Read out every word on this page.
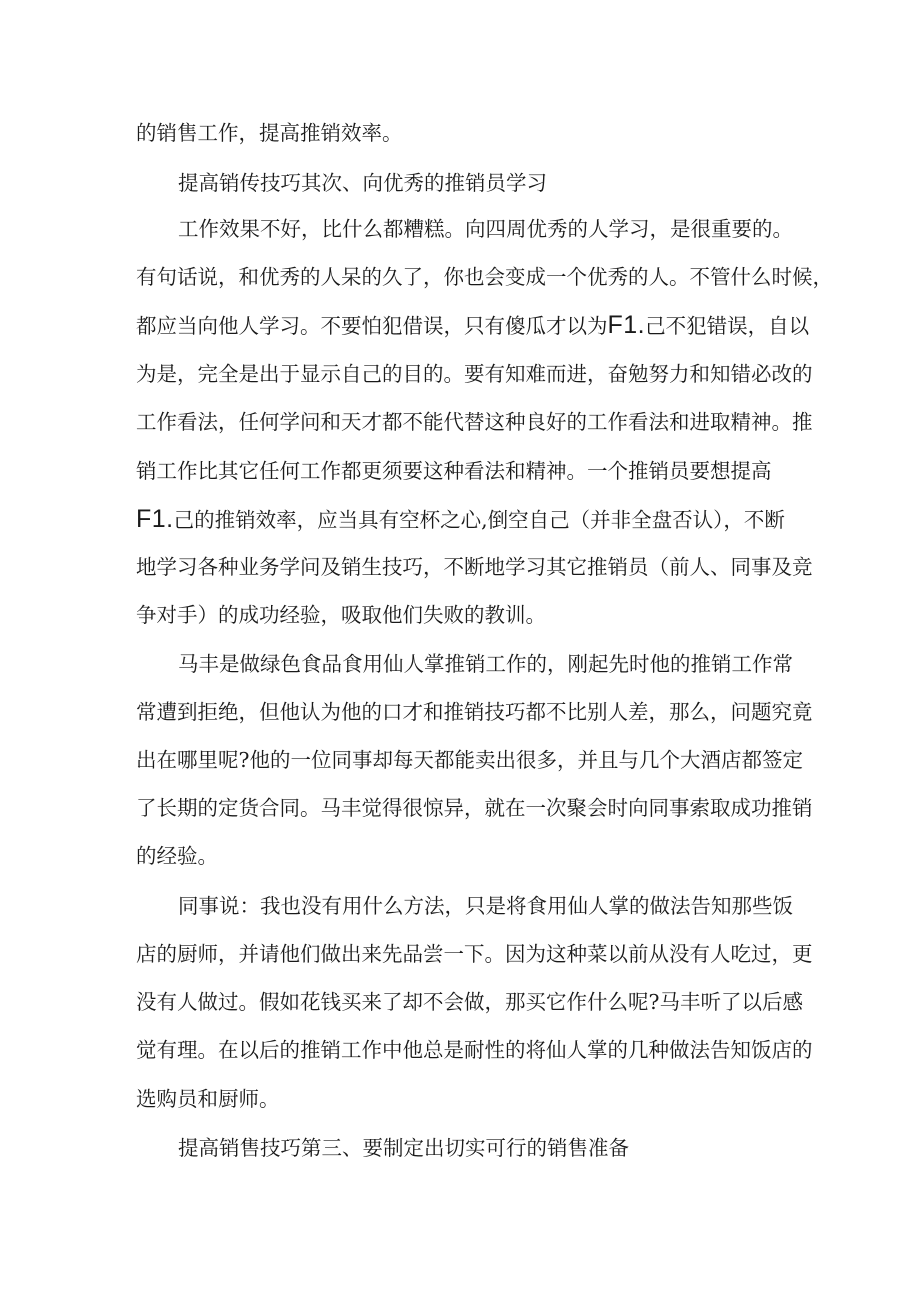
的销售工作，提高推销效率。
提高销传技巧其次、向优秀的推销员学习
工作效果不好，比什么都糟糕。向四周优秀的人学习，是很重要的。
有句话说，和优秀的人呆的久了，你也会变成一个优秀的人。不管什么时候，
都应当向他人学习。不要怕犯借误，只有傻瓜才以为F1.己不犯错误，自以
为是，完全是出于显示自己的目的。要有知难而进，奋勉努力和知错必改的
工作看法，任何学问和天才都不能代替这种良好的工作看法和进取精神。推
销工作比其它任何工作都更须要这种看法和精神。一个推销员要想提高
F1.己的推销效率，应当具有空杯之心,倒空自己（并非全盘否认），不断
地学习各种业务学问及销生技巧，不断地学习其它推销员（前人、同事及竞
争对手）的成功经验，吸取他们失败的教训。
马丰是做绿色食品食用仙人掌推销工作的，刚起先时他的推销工作常
常遭到拒绝，但他认为他的口才和推销技巧都不比别人差，那么，问题究竟
出在哪里呢?他的一位同事却每天都能卖出很多，并且与几个大酒店都签定
了长期的定货合同。马丰觉得很惊异，就在一次聚会时向同事索取成功推销
的经验。
同事说：我也没有用什么方法，只是将食用仙人掌的做法告知那些饭
店的厨师，并请他们做出来先品尝一下。因为这种菜以前从没有人吃过，更
没有人做过。假如花钱买来了却不会做，那买它作什么呢?马丰听了以后感
觉有理。在以后的推销工作中他总是耐性的将仙人掌的几种做法告知饭店的
选购员和厨师。
提高销售技巧第三、要制定出切实可行的销售准备
